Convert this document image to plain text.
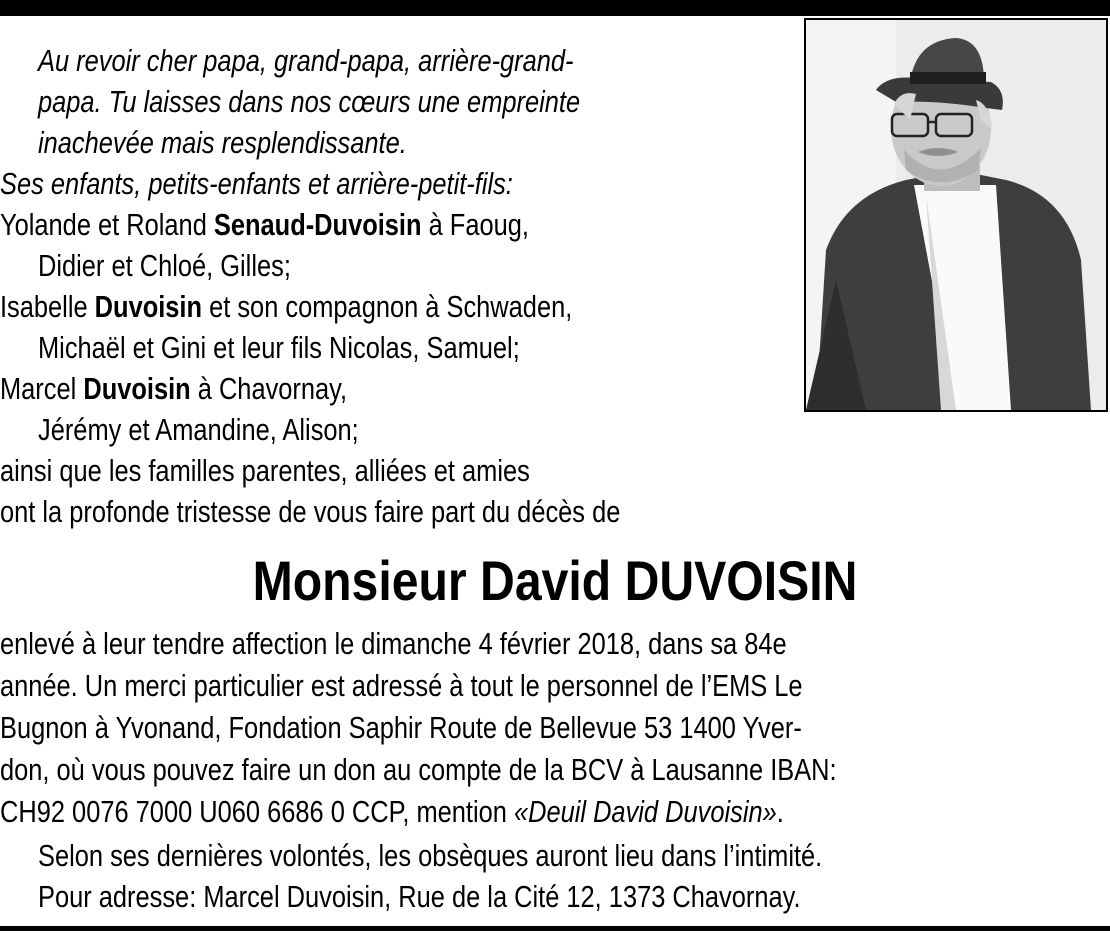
Au revoir cher papa, grand-papa, arrière-grand-
papa. Tu laisses dans nos cœurs une empreinte
inachevée mais resplendissante.
Ses enfants, petits-enfants et arrière-petit-fils:
Yolande et Roland Senaud-Duvoisin à Faoug,
Didier et Chloé, Gilles;
Isabelle Duvoisin et son compagnon à Schwaden,
Michaël et Gini et leur fils Nicolas, Samuel;
Marcel Duvoisin à Chavornay,
Jérémy et Amandine, Alison;
ainsi que les familles parentes, alliées et amies
ont la profonde tristesse de vous faire part du décès de
Monsieur David DUVOISIN
enlevé à leur tendre affection le dimanche 4 février 2018, dans sa 84e
année. Un merci particulier est adressé à tout le personnel de l’EMS Le
Bugnon à Yvonand, Fondation Saphir Route de Bellevue 53 1400 Yver-
don, où vous pouvez faire un don au compte de la BCV à Lausanne IBAN:
CH92 0076 7000 U060 6686 0 CCP, mention «Deuil David Duvoisin».
Selon ses dernières volontés, les obsèques auront lieu dans l’intimité.
Pour adresse: Marcel Duvoisin, Rue de la Cité 12, 1373 Chavornay.
